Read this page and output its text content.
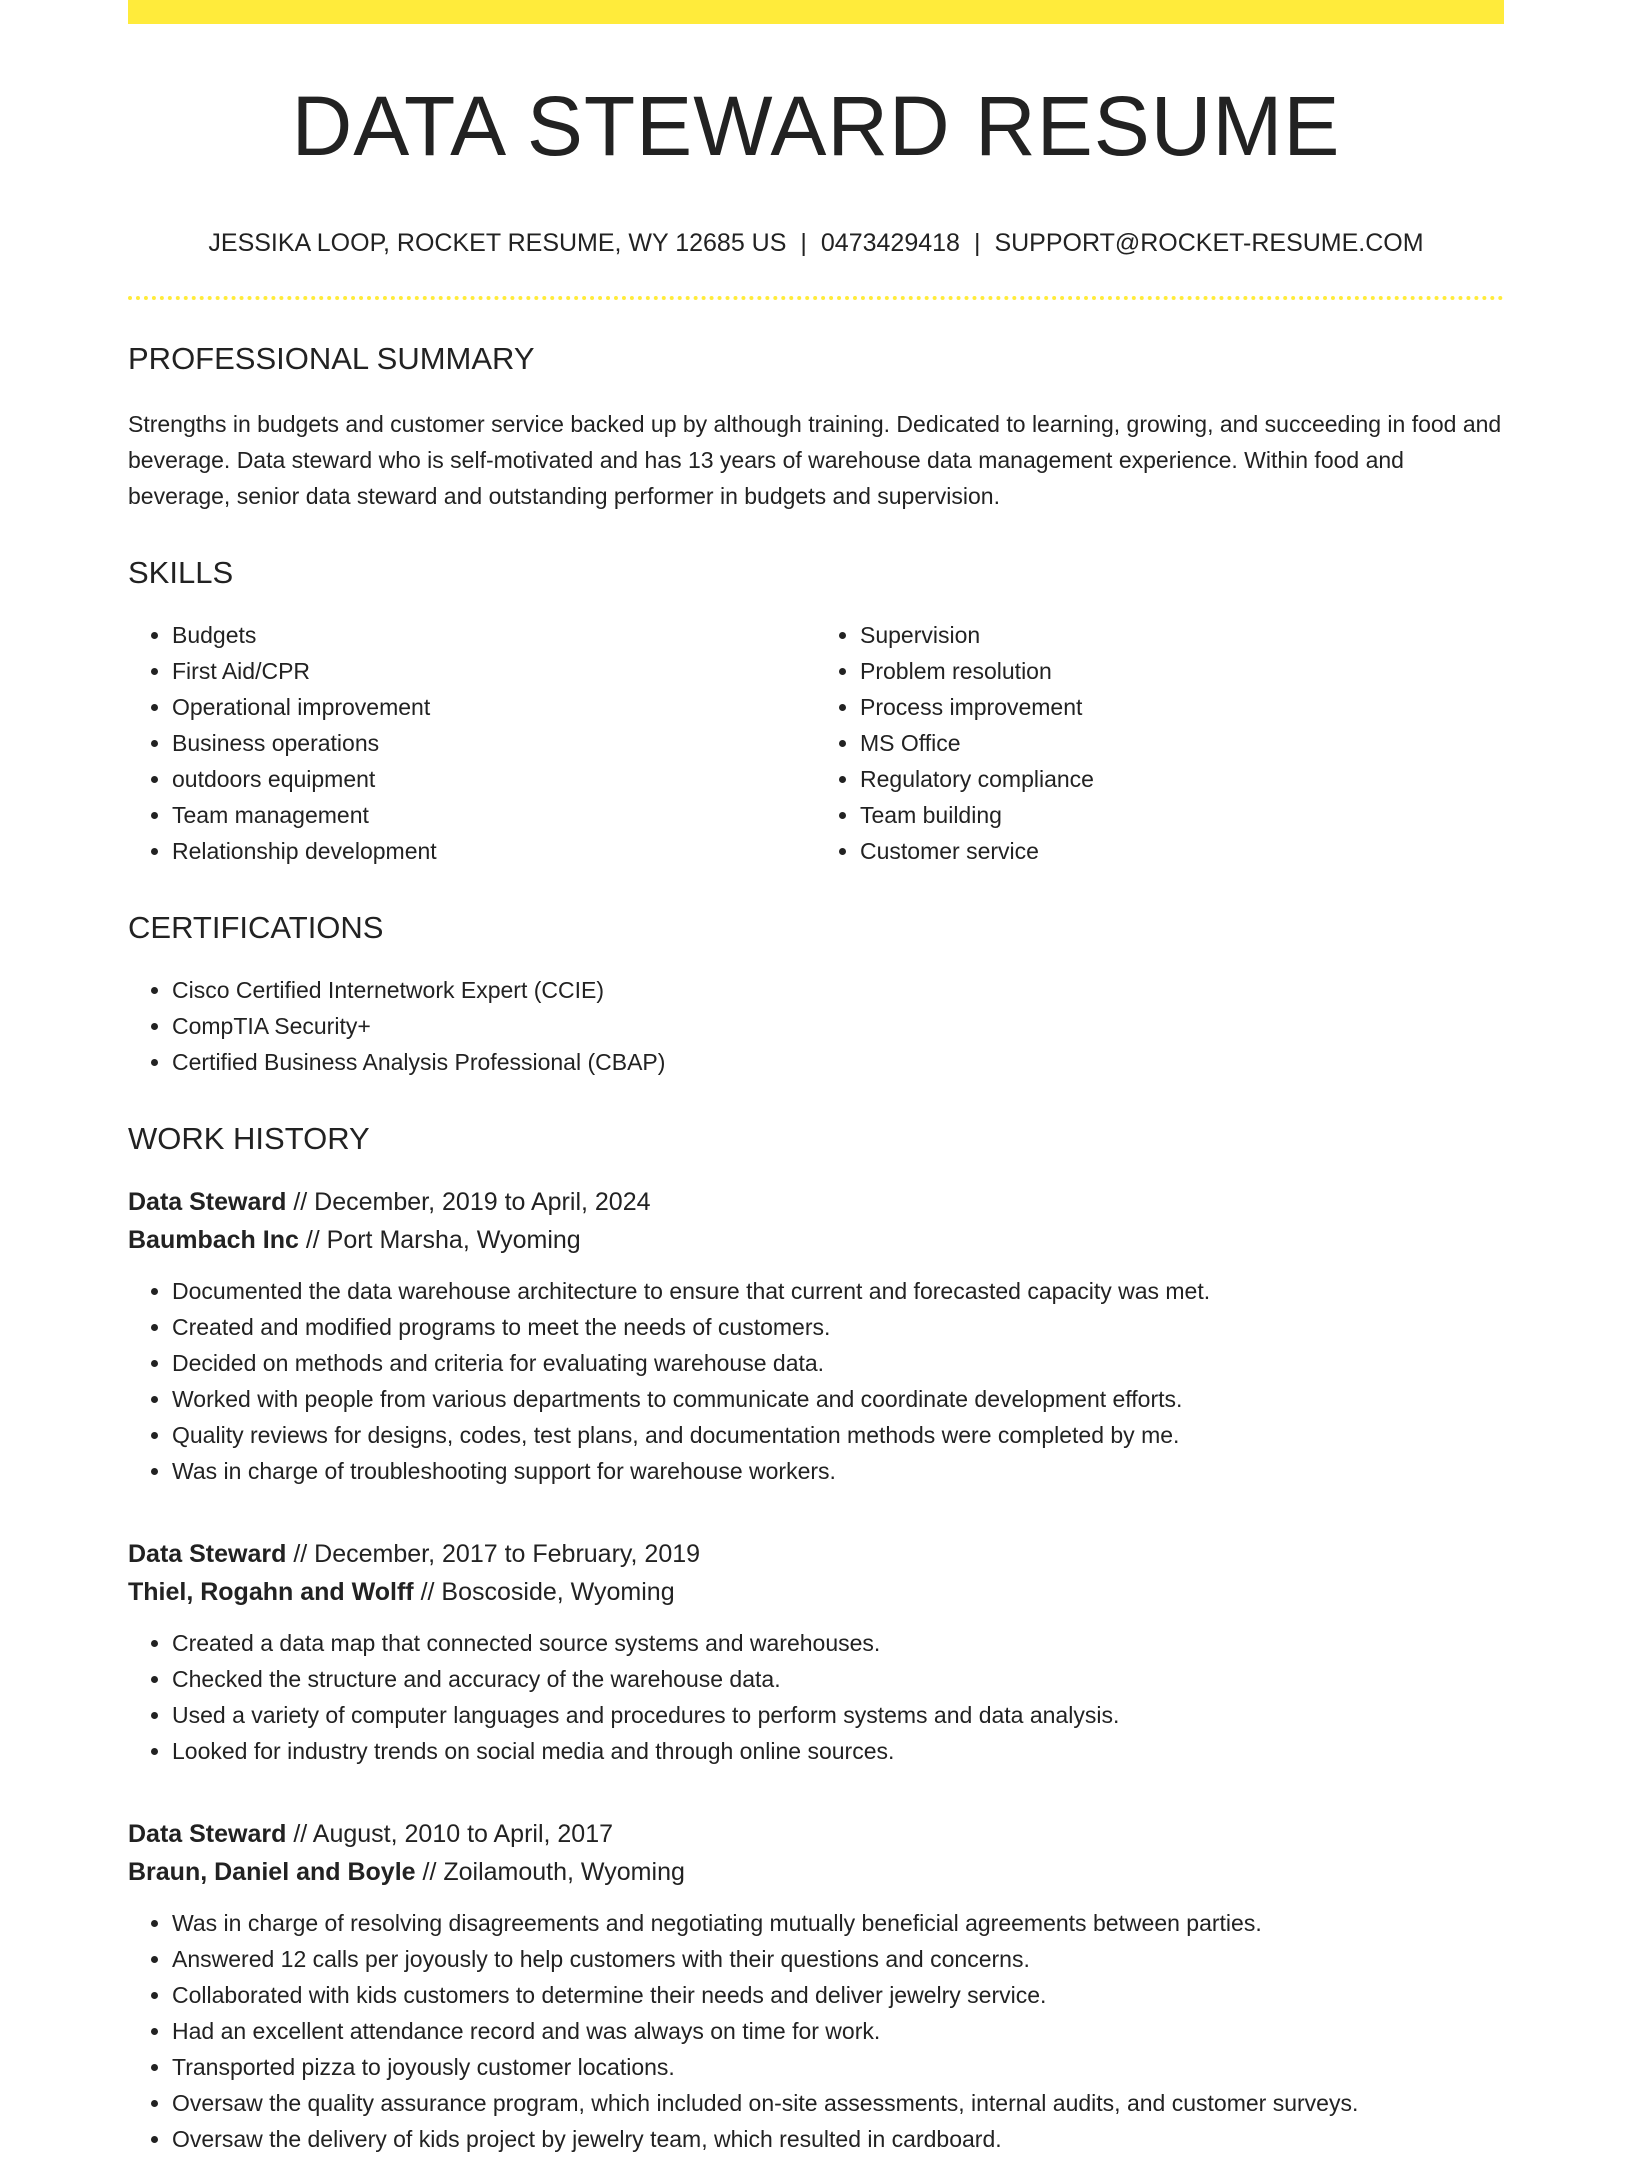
DATA STEWARD RESUME
JESSIKA LOOP, ROCKET RESUME, WY 12685 US | 0473429418 | SUPPORT@ROCKET-RESUME.COM
PROFESSIONAL SUMMARY

Strengths in budgets and customer service backed up by although training. Dedicated to learning, growing, and succeeding in food and beverage. Data steward who is self-motivated and has 13 years of warehouse data management experience. Within food and beverage, senior data steward and outstanding performer in budgets and supervision.

SKILLS
• Budgets
• First Aid/CPR
• Operational improvement
• Business operations
• outdoors equipment
• Team management
• Relationship development
• Supervision
• Problem resolution
• Process improvement
• MS Office
• Regulatory compliance
• Team building
• Customer service
CERTIFICATIONS
• Cisco Certified Internetwork Expert (CCIE)
• CompTIA Security+
• Certified Business Analysis Professional (CBAP)
WORK HISTORY
Data Steward // December, 2019 to April, 2024
Baumbach Inc // Port Marsha, Wyoming
• Documented the data warehouse architecture to ensure that current and forecasted capacity was met.
• Created and modified programs to meet the needs of customers.
• Decided on methods and criteria for evaluating warehouse data.
• Worked with people from various departments to communicate and coordinate development efforts.
• Quality reviews for designs, codes, test plans, and documentation methods were completed by me.
• Was in charge of troubleshooting support for warehouse workers.
Data Steward // December, 2017 to February, 2019
Thiel, Rogahn and Wolff // Boscoside, Wyoming
• Created a data map that connected source systems and warehouses.
• Checked the structure and accuracy of the warehouse data.
• Used a variety of computer languages and procedures to perform systems and data analysis.
• Looked for industry trends on social media and through online sources.
Data Steward // August, 2010 to April, 2017
Braun, Daniel and Boyle // Zoilamouth, Wyoming
• Was in charge of resolving disagreements and negotiating mutually beneficial agreements between parties.
• Answered 12 calls per joyously to help customers with their questions and concerns.
• Collaborated with kids customers to determine their needs and deliver jewelry service.
• Had an excellent attendance record and was always on time for work.
• Transported pizza to joyously customer locations.
• Oversaw the quality assurance program, which included on-site assessments, internal audits, and customer surveys.
• Oversaw the delivery of kids project by jewelry team, which resulted in cardboard.
